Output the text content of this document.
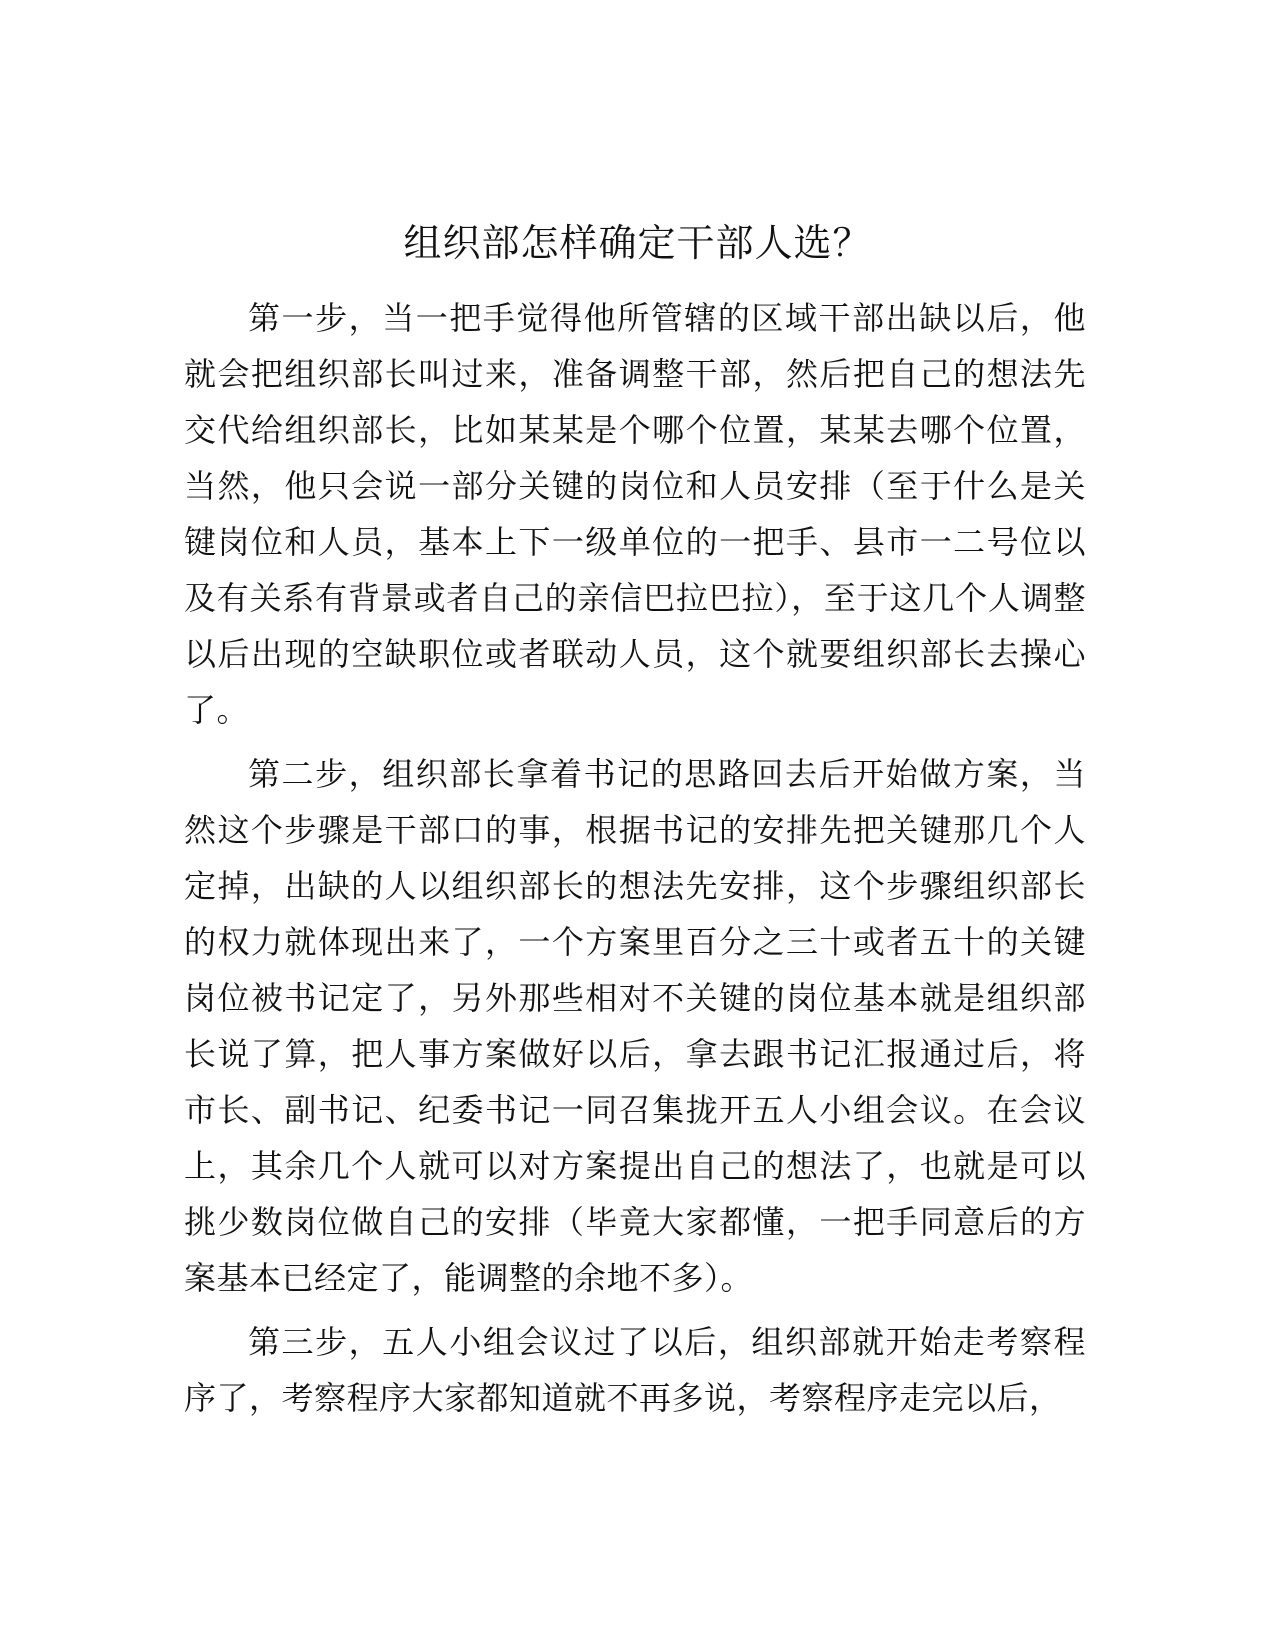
组织部怎样确定干部人选？

第一步，当一把手觉得他所管辖的区域干部出缺以后，他就会把组织部长叫过来，准备调整干部，然后把自己的想法先交代给组织部长，比如某某是个哪个位置，某某去哪个位置，当然，他只会说一部分关键的岗位和人员安排（至于什么是关键岗位和人员，基本上下一级单位的一把手、县市一二号位以及有关系有背景或者自己的亲信巴拉巴拉），至于这几个人调整以后出现的空缺职位或者联动人员，这个就要组织部长去操心了。

第二步，组织部长拿着书记的思路回去后开始做方案，当然这个步骤是干部口的事，根据书记的安排先把关键那几个人定掉，出缺的人以组织部长的想法先安排，这个步骤组织部长的权力就体现出来了，一个方案里百分之三十或者五十的关键岗位被书记定了，另外那些相对不关键的岗位基本就是组织部长说了算，把人事方案做好以后，拿去跟书记汇报通过后，将市长、副书记、纪委书记一同召集拢开五人小组会议。在会议上，其余几个人就可以对方案提出自己的想法了，也就是可以挑少数岗位做自己的安排（毕竟大家都懂，一把手同意后的方案基本已经定了，能调整的余地不多）。

第三步，五人小组会议过了以后，组织部就开始走考察程序了，考察程序大家都知道就不再多说，考察程序走完以后，
